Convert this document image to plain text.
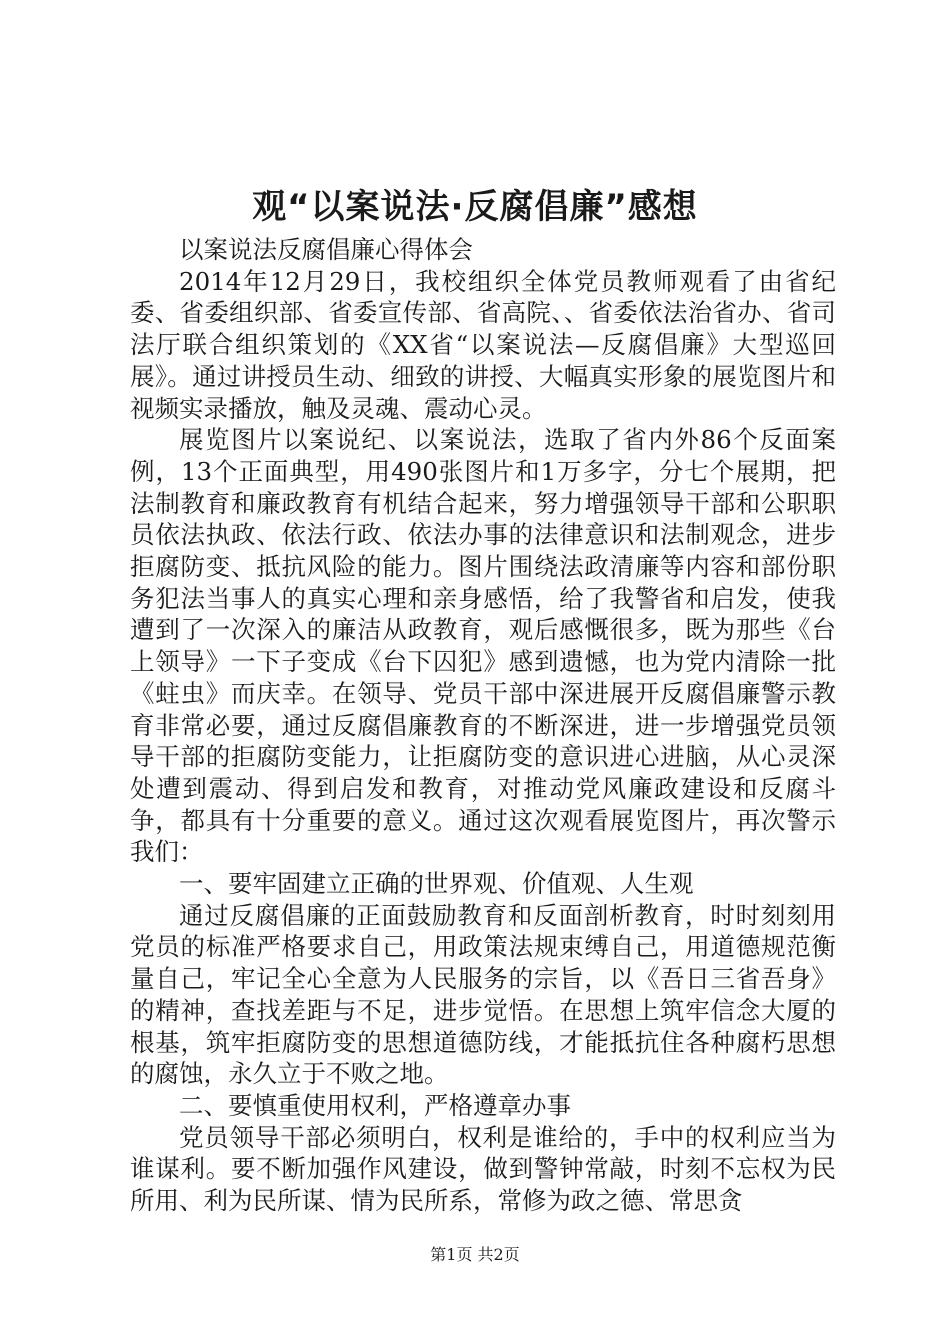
观“以案说法·反腐倡廉”感想

以案说法反腐倡廉心得体会

2014年12月29日，我校组织全体党员教师观看了由省纪委、省委组织部、省委宣传部、省高院、、省委依法治省办、省司法厅联合组织策划的《XX省“以案说法—反腐倡廉》大型巡回展》。通过讲授员生动、细致的讲授、大幅真实形象的展览图片和视频实录播放，触及灵魂、震动心灵。

展览图片以案说纪、以案说法，选取了省内外86个反面案例，13个正面典型，用490张图片和1万多字，分七个展期，把法制教育和廉政教育有机结合起来，努力增强领导干部和公职职员依法执政、依法行政、依法办事的法律意识和法制观念，进步拒腐防变、抵抗风险的能力。图片围绕法政清廉等内容和部份职务犯法当事人的真实心理和亲身感悟，给了我警省和启发，使我遭到了一次深入的廉洁从政教育，观后感慨很多，既为那些《台上领导》一下子变成《台下囚犯》感到遗憾，也为党内清除一批《蛀虫》而庆幸。在领导、党员干部中深进展开反腐倡廉警示教育非常必要，通过反腐倡廉教育的不断深进，进一步增强党员领导干部的拒腐防变能力，让拒腐防变的意识进心进脑，从心灵深处遭到震动、得到启发和教育，对推动党风廉政建设和反腐斗争，都具有十分重要的意义。通过这次观看展览图片，再次警示我们：

一、要牢固建立正确的世界观、价值观、人生观

通过反腐倡廉的正面鼓励教育和反面剖析教育，时时刻刻用党员的标准严格要求自己，用政策法规束缚自己，用道德规范衡量自己，牢记全心全意为人民服务的宗旨，以《吾日三省吾身》的精神，查找差距与不足，进步觉悟。在思想上筑牢信念大厦的根基，筑牢拒腐防变的思想道德防线，才能抵抗住各种腐朽思想的腐蚀，永久立于不败之地。

二、要慎重使用权利，严格遵章办事

党员领导干部必须明白，权利是谁给的，手中的权利应当为谁谋利。要不断加强作风建设，做到警钟常敲，时刻不忘权为民所用、利为民所谋、情为民所系，常修为政之德、常思贪

第1页 共2页
